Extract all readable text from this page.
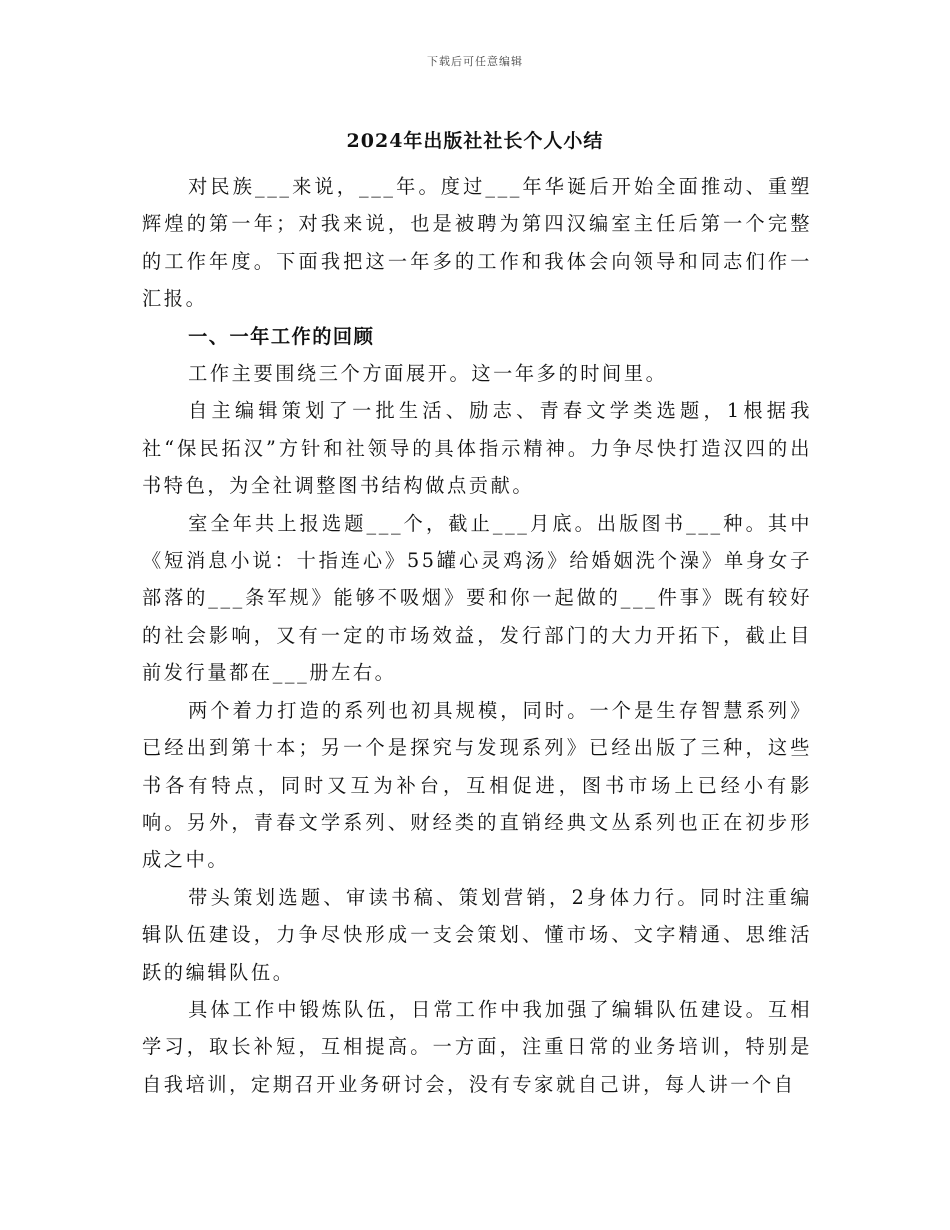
下载后可任意编辑
2024年出版社社长个人小结

对民族___来说，___年。度过___年华诞后开始全面推动、重塑辉煌的第一年；对我来说，也是被聘为第四汉编室主任后第一个完整的工作年度。下面我把这一年多的工作和我体会向领导和同志们作一汇报。

一、一年工作的回顾

工作主要围绕三个方面展开。这一年多的时间里。

自主编辑策划了一批生活、励志、青春文学类选题，1根据我社“保民拓汉”方针和社领导的具体指示精神。力争尽快打造汉四的出书特色，为全社调整图书结构做点贡献。

室全年共上报选题___个，截止___月底。出版图书___种。其中《短消息小说：十指连心》55罐心灵鸡汤》给婚姻洗个澡》单身女子部落的___条军规》能够不吸烟》要和你一起做的___件事》既有较好的社会影响，又有一定的市场效益，发行部门的大力开拓下，截止目前发行量都在___册左右。

两个着力打造的系列也初具规模，同时。一个是生存智慧系列》已经出到第十本；另一个是探究与发现系列》已经出版了三种，这些书各有特点，同时又互为补台，互相促进，图书市场上已经小有影响。另外，青春文学系列、财经类的直销经典文丛系列也正在初步形成之中。

带头策划选题、审读书稿、策划营销，2身体力行。同时注重编辑队伍建设，力争尽快形成一支会策划、懂市场、文字精通、思维活跃的编辑队伍。

具体工作中锻炼队伍，日常工作中我加强了编辑队伍建设。互相学习，取长补短，互相提高。一方面，注重日常的业务培训，特别是自我培训，定期召开业务研讨会，没有专家就自己讲，每人讲一个自
